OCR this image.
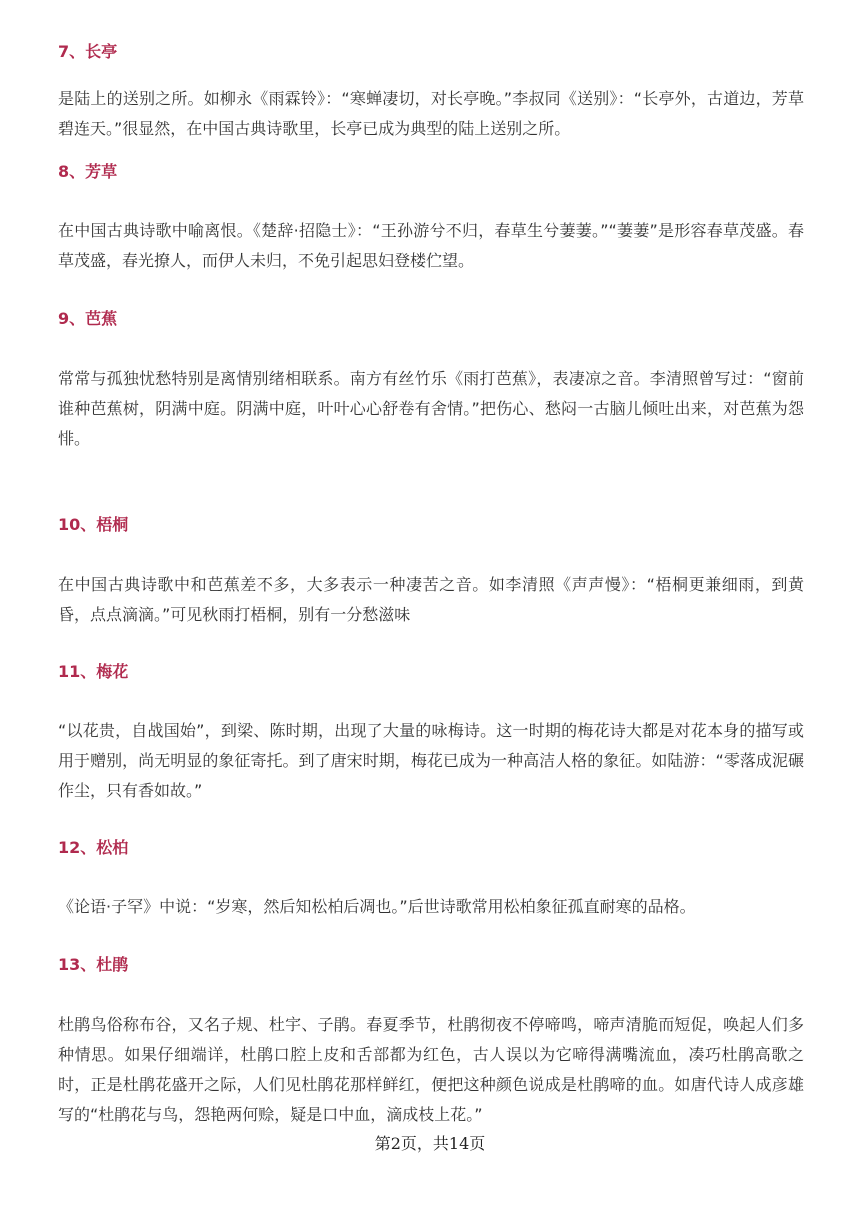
7、长亭
是陆上的送别之所。如柳永《雨霖铃》：“寒蝉凄切，对长亭晚。”李叔同《送别》：“长亭外，古道边，芳草碧连天。”很显然，在中国古典诗歌里，长亭已成为典型的陆上送别之所。
8、芳草
在中国古典诗歌中喻离恨。《楚辞·招隐士》：“王孙游兮不归，春草生兮萋萋。”“萋萋”是形容春草茂盛。春草茂盛，春光撩人，而伊人未归，不免引起思妇登楼伫望。
9、芭蕉
常常与孤独忧愁特别是离情别绪相联系。南方有丝竹乐《雨打芭蕉》，表凄凉之音。李清照曾写过：“窗前谁种芭蕉树，阴满中庭。阴满中庭，叶叶心心舒卷有舍情。”把伤心、愁闷一古脑儿倾吐出来，对芭蕉为怨悱。
10、梧桐
在中国古典诗歌中和芭蕉差不多，大多表示一种凄苦之音。如李清照《声声慢》：“梧桐更兼细雨，到黄昏，点点滴滴。”可见秋雨打梧桐，别有一分愁滋味
11、梅花
“以花贵，自战国始”，到梁、陈时期，出现了大量的咏梅诗。这一时期的梅花诗大都是对花本身的描写或用于赠别，尚无明显的象征寄托。到了唐宋时期，梅花已成为一种高洁人格的象征。如陆游：“零落成泥碾作尘，只有香如故。”
12、松柏
《论语·子罕》中说：“岁寒，然后知松柏后凋也。”后世诗歌常用松柏象征孤直耐寒的品格。
13、杜鹃
杜鹃鸟俗称布谷，又名子规、杜宇、子鹃。春夏季节，杜鹃彻夜不停啼鸣，啼声清脆而短促，唤起人们多种情思。如果仔细端详，杜鹃口腔上皮和舌部都为红色，古人误以为它啼得满嘴流血，凑巧杜鹃高歌之时，正是杜鹃花盛开之际，人们见杜鹃花那样鲜红，便把这种颜色说成是杜鹃啼的血。如唐代诗人成彦雄写的“杜鹃花与鸟，怨艳两何赊，疑是口中血，滴成枝上花。”
第2页，共14页
